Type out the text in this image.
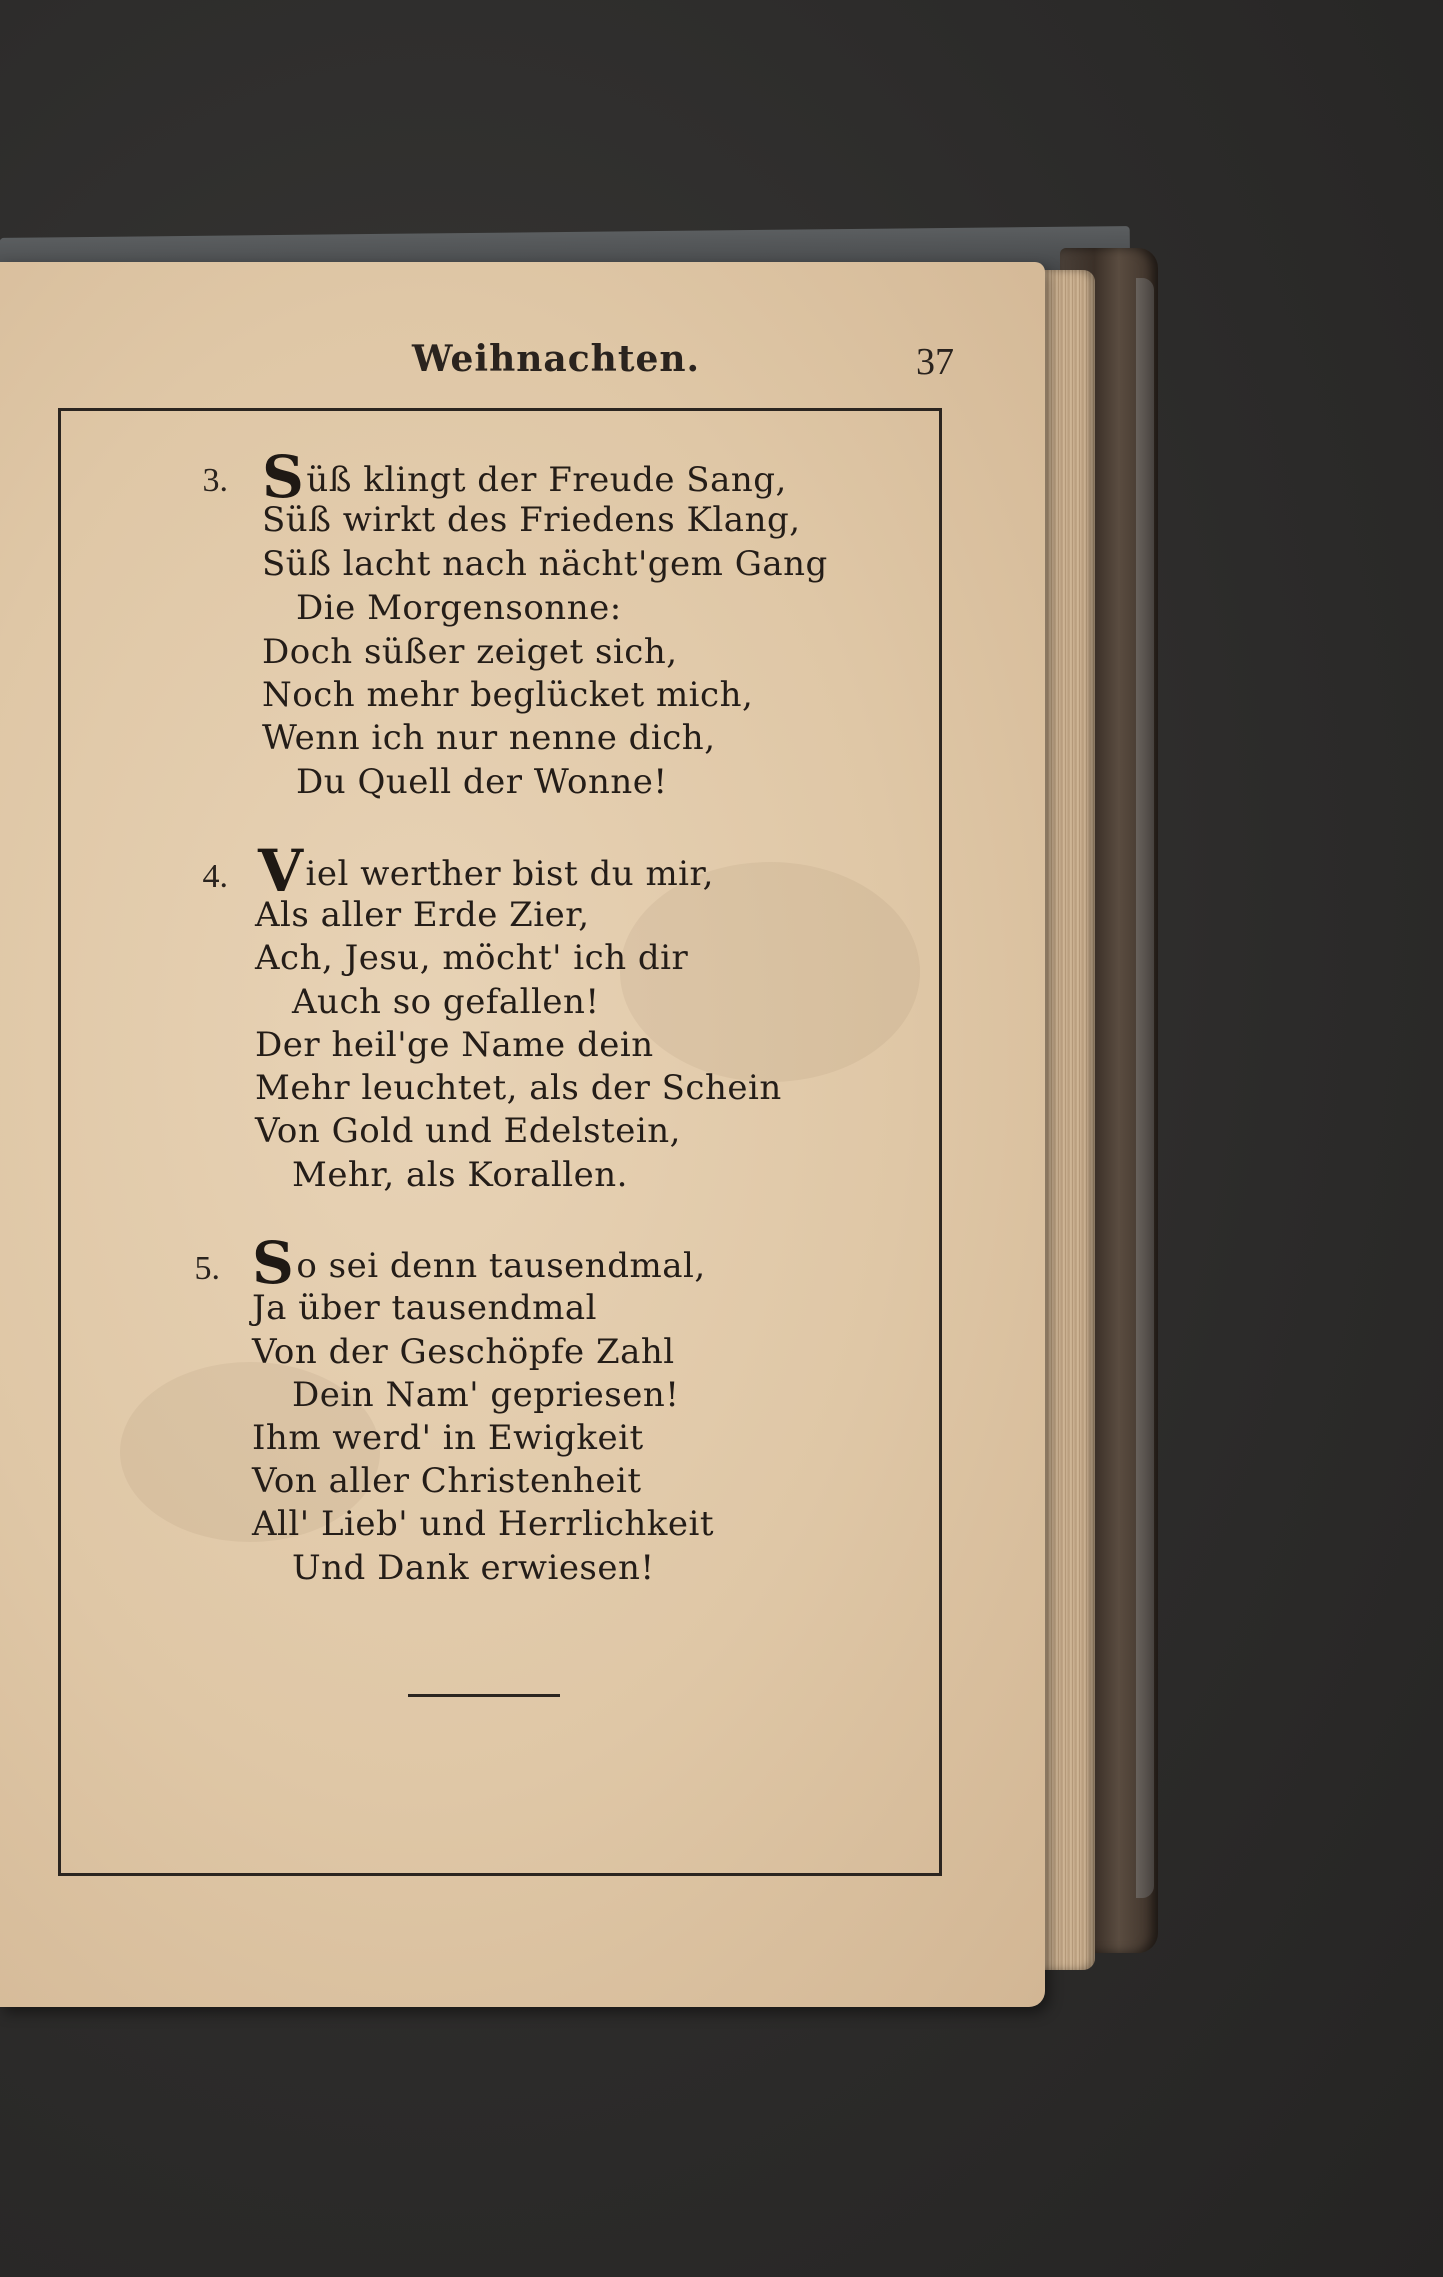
Weihnachten.	37
3. Süß klingt der Freude Sang,
Süß wirkt des Friedens Klang,
Süß lacht nach nächt'gem Gang
Die Morgensonne:
Doch süßer zeiget sich,
Noch mehr beglücket mich,
Wenn ich nur nenne dich,
Du Quell der Wonne!
4. Viel werther bist du mir,
Als aller Erde Zier,
Ach, Jesu, möcht' ich dir
Auch so gefallen!
Der heil'ge Name dein
Mehr leuchtet, als der Schein
Von Gold und Edelstein,
Mehr, als Korallen.
5. So sei denn tausendmal,
Ja über tausendmal
Von der Geschöpfe Zahl
Dein Nam' gepriesen!
Ihm werd' in Ewigkeit
Von aller Christenheit
All' Lieb' und Herrlichkeit
Und Dank erwiesen!
